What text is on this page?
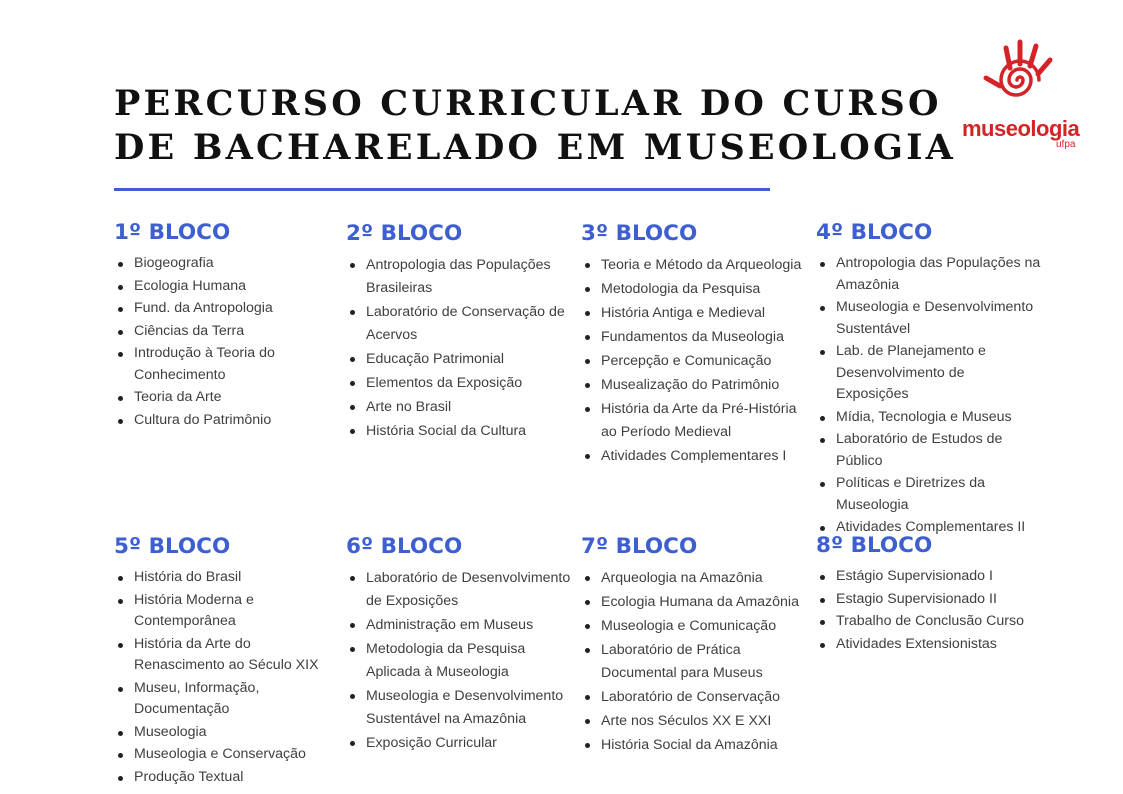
PERCURSO CURRICULAR DO CURSO
DE BACHARELADO EM MUSEOLOGIA museologia
ufpa
1º BLOCO
Biogeografia
Ecologia Humana
Fund. da Antropologia
Ciências da Terra
Introdução à Teoria do Conhecimento
Teoria da Arte
Cultura do Patrimônio
2º BLOCO
Antropologia das Populações Brasileiras
Laboratório de Conservação de Acervos
Educação Patrimonial
Elementos da Exposição
Arte no Brasil
História Social da Cultura
3º BLOCO
Teoria e Método da Arqueologia
Metodologia da Pesquisa
História Antiga e Medieval
Fundamentos da Museologia
Percepção e Comunicação
Musealização do Patrimônio
História da Arte da Pré-História ao Período Medieval
Atividades Complementares I
4º BLOCO
Antropologia das Populações na Amazônia
Museologia e Desenvolvimento Sustentável
Lab. de Planejamento e Desenvolvimento de Exposições
Mídia, Tecnologia e Museus
Laboratório de Estudos de Público
Políticas e Diretrizes da Museologia
Atividades Complementares II
5º BLOCO
História do Brasil
História Moderna e Contemporânea
História da Arte do Renascimento ao Século XIX
Museu, Informação, Documentação
Museologia
Museologia e Conservação
Produção Textual
6º BLOCO
Laboratório de Desenvolvimento de Exposições
Administração em Museus
Metodologia da Pesquisa Aplicada à Museologia
Museologia e Desenvolvimento Sustentável na Amazônia
Exposição Curricular
7º BLOCO
Arqueologia na Amazônia
Ecologia Humana da Amazônia
Museologia e Comunicação
Laboratório de Prática Documental para Museus
Laboratório de Conservação
Arte nos Séculos XX E XXI
História Social da Amazônia
8º BLOCO
Estágio Supervisionado I
Estagio Supervisionado II
Trabalho de Conclusão Curso
Atividades Extensionistas
